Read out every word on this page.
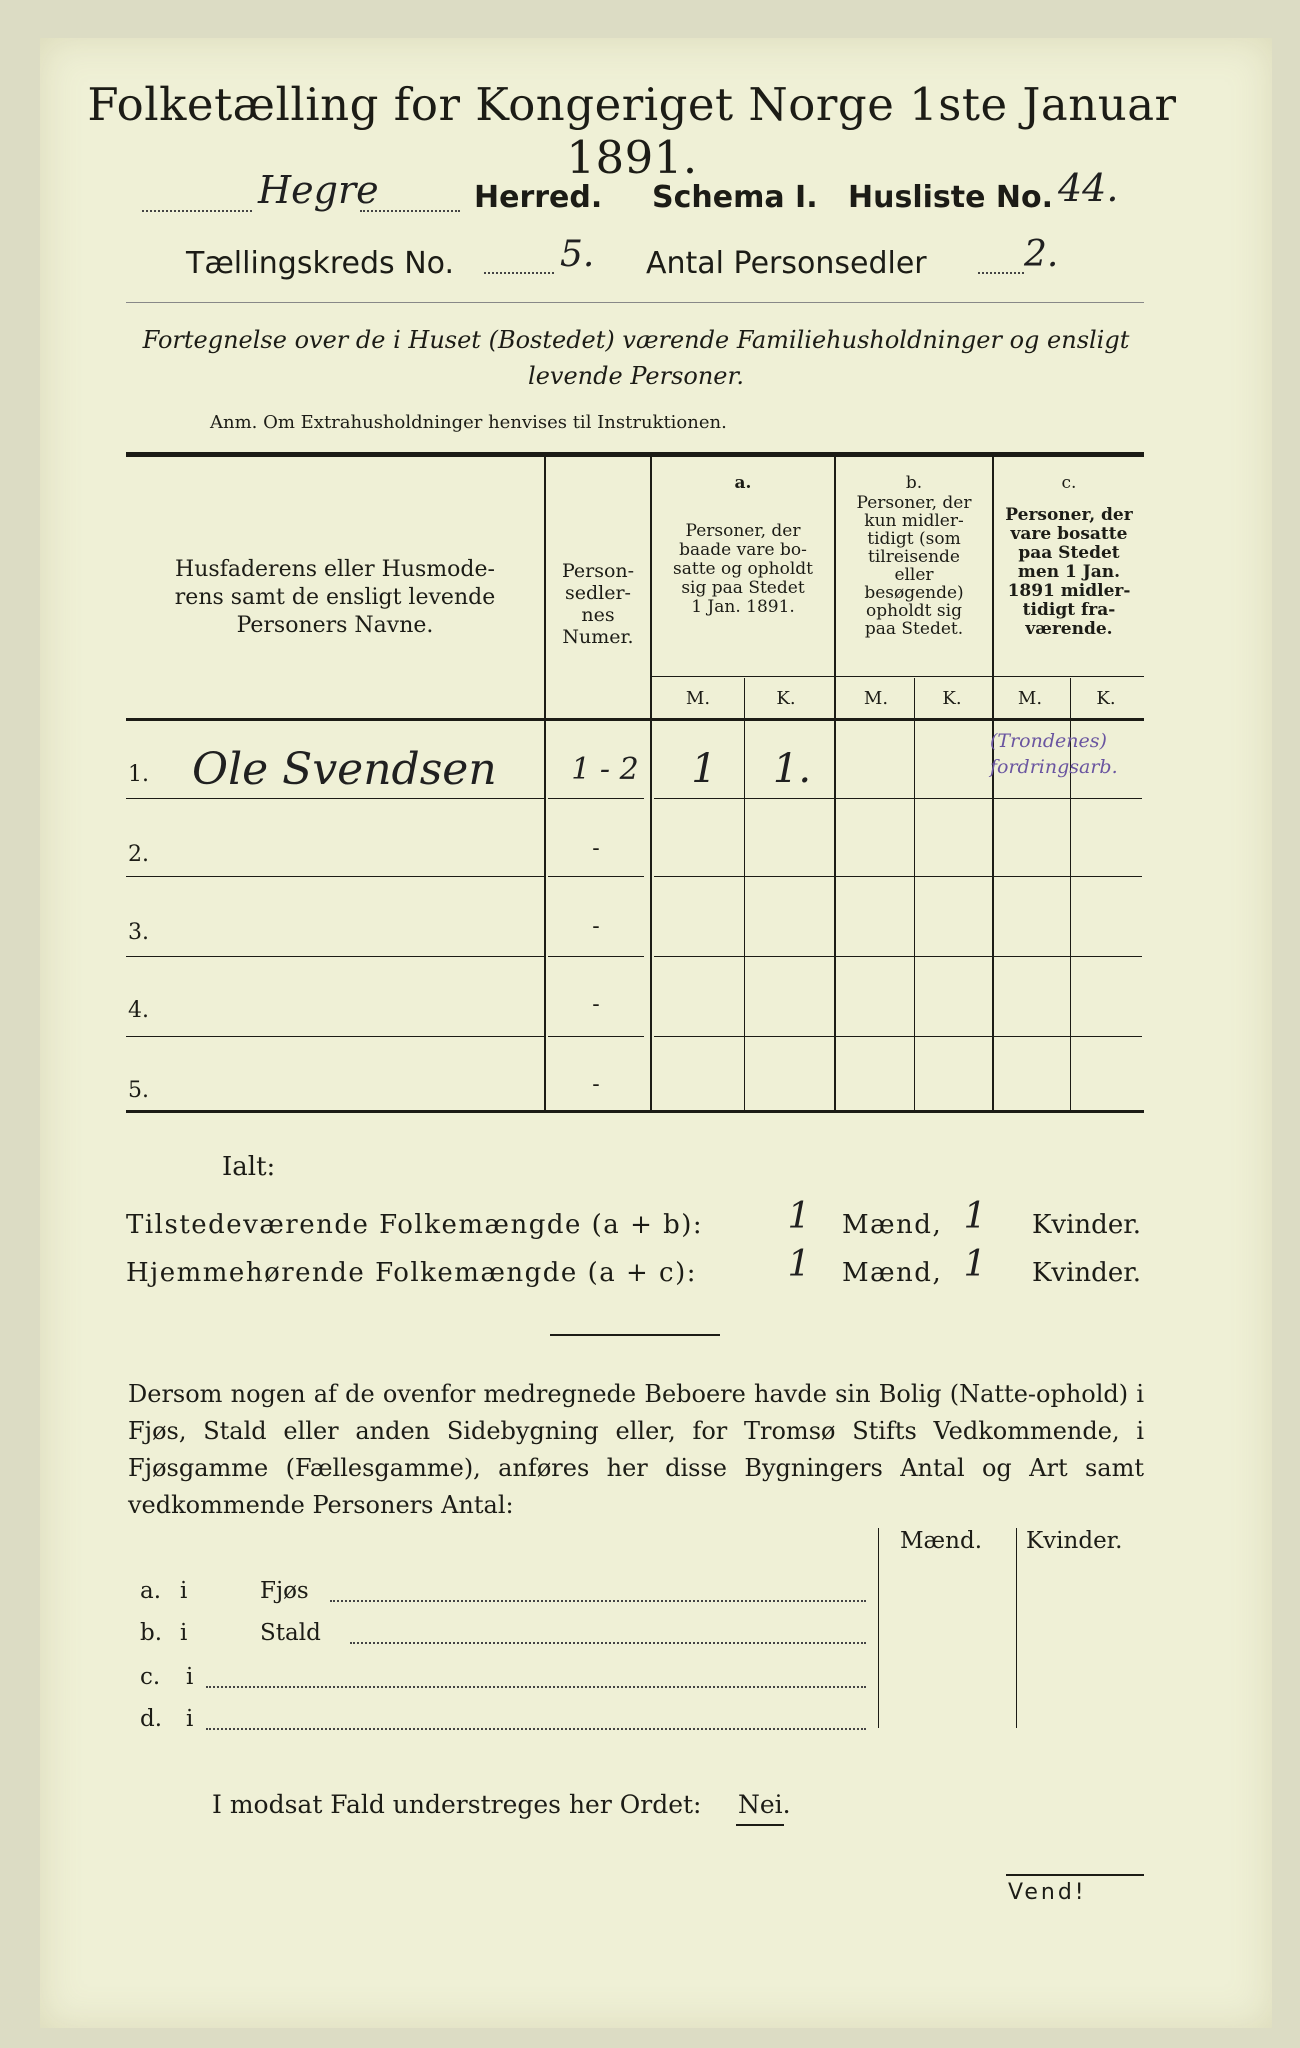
Folketælling for Kongeriget Norge 1ste Januar 1891.
Hegre	Herred. Schema I. Husliste No. 44.
Tællingskreds No.	5. Antal Personsedler	2.
Fortegnelse over de i Huset (Bostedet) værende Familiehusholdninger og ensligt
levende Personer.
Anm. Om Extrahusholdninger henvises til Instruktionen.
Husfaderens eller Husmode-
rens samt de ensligt levende
Personers Navne.
Person-
sedler-
nes
Numer.
a.
Personer, der
baade vare bo-
satte og opholdt
sig paa Stedet
1 Jan. 1891.
b.
Personer, der
kun midler-
tidigt (som
tilreisende
eller
besøgende)
opholdt sig
paa Stedet.
c.
Personer, der
vare bosatte
paa Stedet
men 1 Jan.
1891 midler-
tidigt fra-
værende.
M.	K.	M.	K.	M.	K.
1. Ole Svendsen	1 - 2	1	1.
(Trondenes) fordringsarb.
2.	-
3.	-
4.	-
5.	-
Ialt:
Tilstedeværende Folkemængde (a + b):	1	Mænd, 1	Kvinder.
Hjemmehørende Folkemængde (a + c):	1	Mænd, 1	Kvinder.
Dersom nogen af de ovenfor medregnede Beboere havde sin Bolig (Natte-ophold) i Fjøs, Stald eller anden Sidebygning eller, for Tromsø Stifts Vedkommende, i Fjøsgamme (Fællesgamme), anføres her disse Bygningers Antal og Art samt vedkommende Personers Antal:
Mænd. Kvinder.
a. i	Fjøs
b. i	Stald
c. i
d. i
I modsat Fald understreges her Ordet: Nei.
Vend!
